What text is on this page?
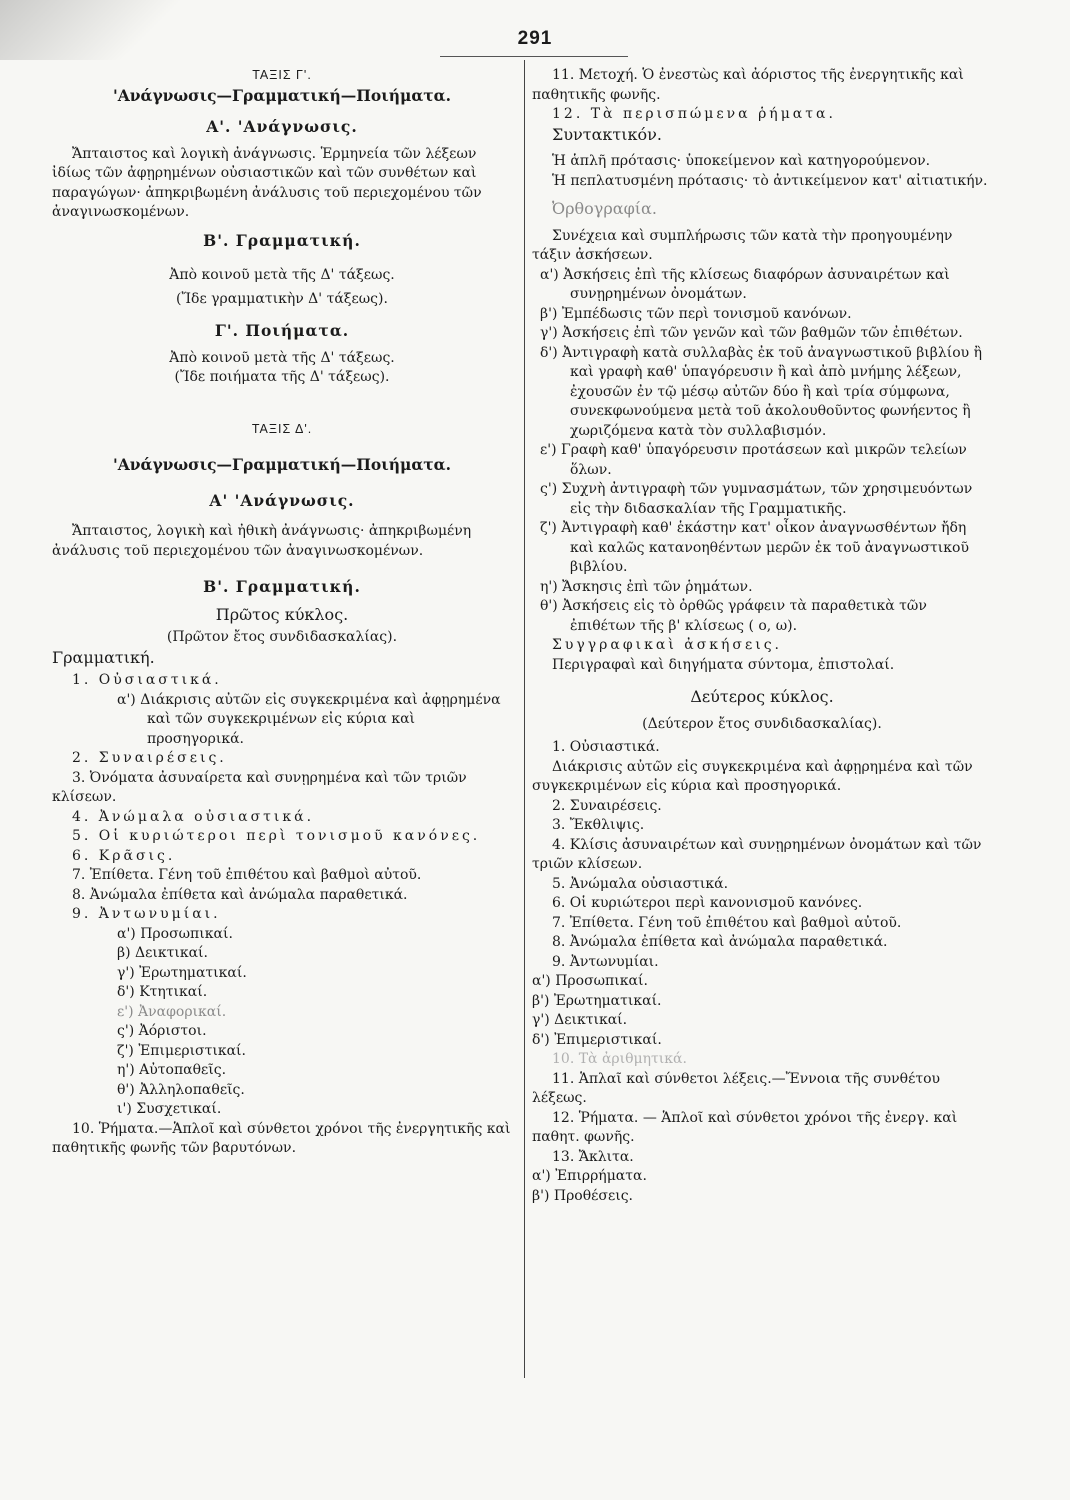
291

ΤΑΞΙΣ Γ'.

'Ανάγνωσις—Γραμματική—Ποιήματα.

Α'. 'Ανάγνωσις.

Ἄπταιστος καὶ λογικὴ ἀνάγνωσις. Ἑρμηνεία τῶν λέξεων ἰδίως τῶν ἀφῃρημένων οὐσιαστικῶν καὶ τῶν συνθέτων καὶ παραγώγων· ἀπηκριβωμένη ἀνάλυσις τοῦ περιεχομένου τῶν ἀναγινωσκομένων.

Β'. Γραμματική.

Ἀπὸ κοινοῦ μετὰ τῆς Δ' τάξεως.

(Ἴδε γραμματικὴν Δ' τάξεως).

Γ'. Ποιήματα.

Ἀπὸ κοινοῦ μετὰ τῆς Δ' τάξεως.

(Ἴδε ποιήματα τῆς Δ' τάξεως).

ΤΑΞΙΣ Δ'.

'Ανάγνωσις—Γραμματική—Ποιήματα.

Α' 'Ανάγνωσις.

Ἄπταιστος, λογικὴ καὶ ἠθικὴ ἀνάγνωσις· ἀπηκριβωμένη ἀνάλυσις τοῦ περιεχομένου τῶν ἀναγινωσκομένων.

Β'. Γραμματική.

Πρῶτος κύκλος.

(Πρῶτον ἔτος συνδιδασκαλίας).

Γραμματική.

1. Οὐσιαστικά.

α') Διάκρισις αὐτῶν εἰς συγκεκριμένα καὶ ἀφῃρημένα καὶ τῶν συγκεκριμένων εἰς κύρια καὶ προσηγορικά.

2. Συναιρέσεις.

3. Ὀνόματα ἀσυναίρετα καὶ συνῃρημένα καὶ τῶν τριῶν κλίσεων.

4. Ἀνώμαλα οὐσιαστικά.

5. Οἱ κυριώτεροι περὶ τονισμοῦ κανόνες.

6. Κρᾶσις.

7. Ἐπίθετα. Γένη τοῦ ἐπιθέτου καὶ βαθμοὶ αὐτοῦ.

8. Ἀνώμαλα ἐπίθετα καὶ ἀνώμαλα παραθετικά.

9. Ἀντωνυμίαι.

α') Προσωπικαί.

β) Δεικτικαί.

γ') Ἐρωτηματικαί.

δ') Κτητικαί.

ε') Ἀναφορικαί.

ς') Ἀόριστοι.

ζ') Ἐπιμεριστικαί.

η') Αὐτοπαθεῖς.

θ') Ἀλληλοπαθεῖς.

ι') Συσχετικαί.

10. Ῥήματα.—Ἁπλοῖ καὶ σύνθετοι χρόνοι τῆς ἐνεργητικῆς καὶ παθητικῆς φωνῆς τῶν βαρυτόνων.

11. Μετοχή. Ὁ ἐνεστὼς καὶ ἀόριστος τῆς ἐνεργητικῆς καὶ παθητικῆς φωνῆς.

12. Τὰ περισπώμενα ῥήματα.

Συντακτικόν.

Ἡ ἁπλῆ πρότασις· ὑποκείμενον καὶ κατηγορούμενον.

Ἡ πεπλατυσμένη πρότασις· τὸ ἀντικείμενον κατ' αἰτιατικήν.

Ὀρθογραφία.

Συνέχεια καὶ συμπλήρωσις τῶν κατὰ τὴν προηγουμένην τάξιν ἀσκήσεων.

α') Ἀσκήσεις ἐπὶ τῆς κλίσεως διαφόρων ἀσυναιρέτων καὶ συνῃρημένων ὀνομάτων.

β') Ἐμπέδωσις τῶν περὶ τονισμοῦ κανόνων.

γ') Ἀσκήσεις ἐπὶ τῶν γενῶν καὶ τῶν βαθμῶν τῶν ἐπιθέτων.

δ') Ἀντιγραφὴ κατὰ συλλαβὰς ἐκ τοῦ ἀναγνωστικοῦ βιβλίου ἢ καὶ γραφὴ καθ' ὑπαγόρευσιν ἢ καὶ ἀπὸ μνήμης λέξεων, ἐχουσῶν ἐν τῷ μέσῳ αὐτῶν δύο ἢ καὶ τρία σύμφωνα, συνεκφωνούμενα μετὰ τοῦ ἀκολουθοῦντος φωνήεντος ἢ χωριζόμενα κατὰ τὸν συλλαβισμόν.

ε') Γραφὴ καθ' ὑπαγόρευσιν προτάσεων καὶ μικρῶν τελείων ὅλων.

ς') Συχνὴ ἀντιγραφὴ τῶν γυμνασμάτων, τῶν χρησιμευόντων εἰς τὴν διδασκαλίαν τῆς Γραμματικῆς.

ζ') Ἀντιγραφὴ καθ' ἑκάστην κατ' οἶκον ἀναγνωσθέντων ἤδη καὶ καλῶς κατανοηθέντων μερῶν ἐκ τοῦ ἀναγνωστικοῦ βιβλίου.

η') Ἄσκησις ἐπὶ τῶν ῥημάτων.

θ') Ἀσκήσεις εἰς τὸ ὀρθῶς γράφειν τὰ παραθετικὰ τῶν ἐπιθέτων τῆς β' κλίσεως ( ο, ω).

Συγγραφικαὶ ἀσκήσεις.

Περιγραφαὶ καὶ διηγήματα σύντομα, ἐπιστολαί.

Δεύτερος κύκλος.

(Δεύτερον ἔτος συνδιδασκαλίας).

1. Οὐσιαστικά.

Διάκρισις αὐτῶν εἰς συγκεκριμένα καὶ ἀφῃρημένα καὶ τῶν συγκεκριμένων εἰς κύρια καὶ προσηγορικά.

2. Συναιρέσεις.

3. Ἔκθλιψις.

4. Κλίσις ἀσυναιρέτων καὶ συνῃρημένων ὀνομάτων καὶ τῶν τριῶν κλίσεων.

5. Ἀνώμαλα οὐσιαστικά.

6. Οἱ κυριώτεροι περὶ κανονισμοῦ κανόνες.

7. Ἐπίθετα. Γένη τοῦ ἐπιθέτου καὶ βαθμοὶ αὐτοῦ.

8. Ἀνώμαλα ἐπίθετα καὶ ἀνώμαλα παραθετικά.

9. Ἀντωνυμίαι.

α') Προσωπικαί.

β') Ἐρωτηματικαί.

γ') Δεικτικαί.

δ') Ἐπιμεριστικαί.

10. Τὰ ἀριθμητικά.

11. Ἁπλαῖ καὶ σύνθετοι λέξεις.—Ἔννοια τῆς συνθέτου λέξεως.

12. Ῥήματα. — Ἁπλοῖ καὶ σύνθετοι χρόνοι τῆς ἐνεργ. καὶ παθητ. φωνῆς.

13. Ἄκλιτα.

α') Ἐπιρρήματα.

β') Προθέσεις.
